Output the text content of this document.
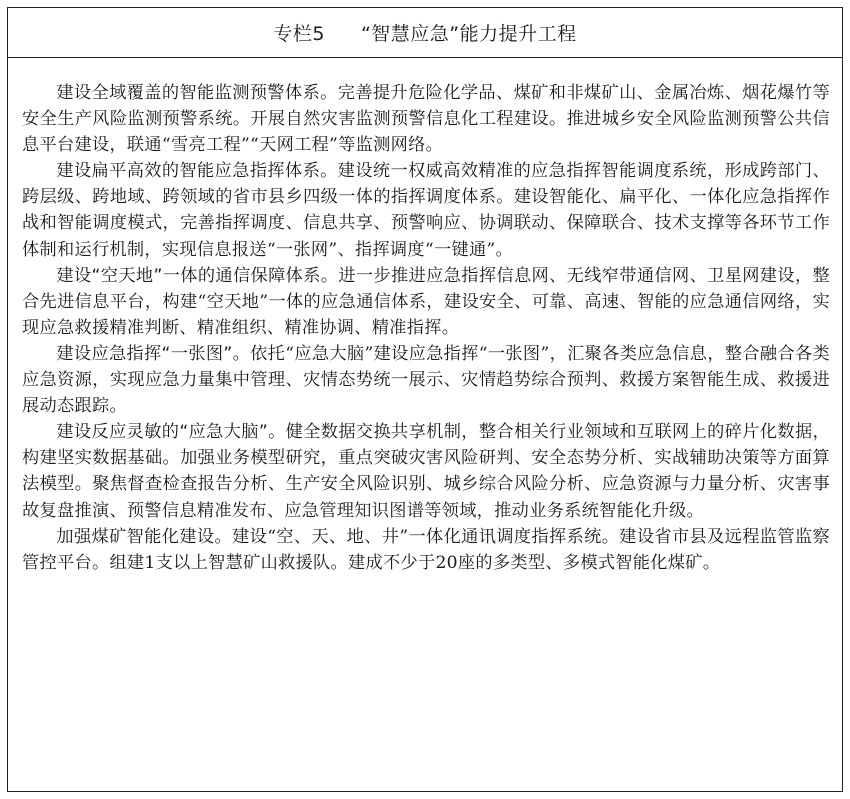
专栏5 “智慧应急”能力提升工程

建设全域覆盖的智能监测预警体系。完善提升危险化学品、煤矿和非煤矿山、金属冶炼、烟花爆竹等安全生产风险监测预警系统。开展自然灾害监测预警信息化工程建设。推进城乡安全风险监测预警公共信息平台建设，联通“雪亮工程”“天网工程”等监测网络。

建设扁平高效的智能应急指挥体系。建设统一权威高效精准的应急指挥智能调度系统，形成跨部门、跨层级、跨地域、跨领域的省市县乡四级一体的指挥调度体系。建设智能化、扁平化、一体化应急指挥作战和智能调度模式，完善指挥调度、信息共享、预警响应、协调联动、保障联合、技术支撑等各环节工作体制和运行机制，实现信息报送“一张网”、指挥调度“一键通”。

建设“空天地”一体的通信保障体系。进一步推进应急指挥信息网、无线窄带通信网、卫星网建设，整合先进信息平台，构建“空天地”一体的应急通信体系，建设安全、可靠、高速、智能的应急通信网络，实现应急救援精准判断、精准组织、精准协调、精准指挥。

建设应急指挥“一张图”。依托“应急大脑”建设应急指挥“一张图”，汇聚各类应急信息，整合融合各类应急资源，实现应急力量集中管理、灾情态势统一展示、灾情趋势综合预判、救援方案智能生成、救援进展动态跟踪。

建设反应灵敏的“应急大脑”。健全数据交换共享机制，整合相关行业领域和互联网上的碎片化数据，构建坚实数据基础。加强业务模型研究，重点突破灾害风险研判、安全态势分析、实战辅助决策等方面算法模型。聚焦督查检查报告分析、生产安全风险识别、城乡综合风险分析、应急资源与力量分析、灾害事故复盘推演、预警信息精准发布、应急管理知识图谱等领域，推动业务系统智能化升级。

加强煤矿智能化建设。建设“空、天、地、井”一体化通讯调度指挥系统。建设省市县及远程监管监察管控平台。组建1支以上智慧矿山救援队。建成不少于20座的多类型、多模式智能化煤矿。
